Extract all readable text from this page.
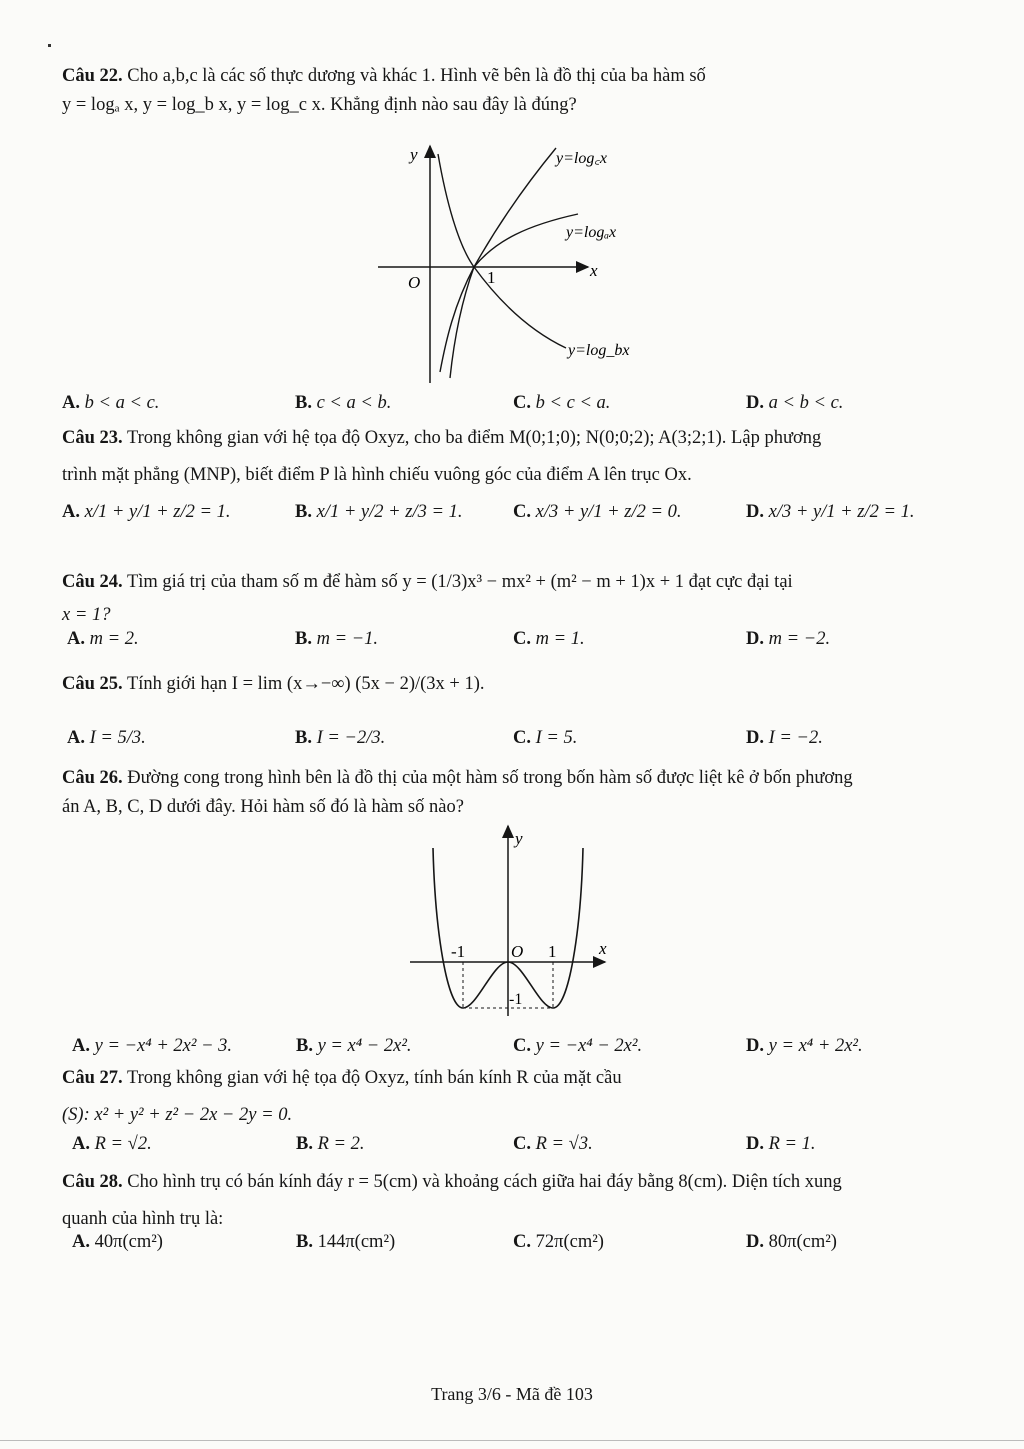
Câu 22. Cho a,b,c là các số thực dương và khác 1. Hình vẽ bên là đồ thị của ba hàm số
y = logₐ x, y = log_b x, y = log_c x. Khẳng định nào sau đây là đúng?
y
x
O	1
y=log꜀x
y=logₐx
y=log_bx
A. b < a < c.	B. c < a < b.	C. b < c < a.	D. a < b < c.
Câu 23. Trong không gian với hệ tọa độ Oxyz, cho ba điểm M(0;1;0); N(0;0;2); A(3;2;1). Lập phương
trình mặt phẳng (MNP), biết điểm P là hình chiếu vuông góc của điểm A lên trục Ox.
A. x/1 + y/1 + z/2 = 1.	B. x/1 + y/2 + z/3 = 1.	C. x/3 + y/1 + z/2 = 0.	D. x/3 + y/1 + z/2 = 1.
Câu 24. Tìm giá trị của tham số m để hàm số y = (1/3)x³ − mx² + (m² − m + 1)x + 1 đạt cực đại tại
x = 1?
A. m = 2.	B. m = −1.	C. m = 1.	D. m = −2.
Câu 25. Tính giới hạn I = lim (x→−∞) (5x − 2)/(3x + 1).
A. I = 5/3.	B. I = −2/3.	C. I = 5.	D. I = −2.
Câu 26. Đường cong trong hình bên là đồ thị của một hàm số trong bốn hàm số được liệt kê ở bốn phương
án A, B, C, D dưới đây. Hỏi hàm số đó là hàm số nào?
y
x
O
-1	1
-1
A. y = −x⁴ + 2x² − 3.	B. y = x⁴ − 2x².	C. y = −x⁴ − 2x².	D. y = x⁴ + 2x².
Câu 27. Trong không gian với hệ tọa độ Oxyz, tính bán kính R của mặt cầu
(S): x² + y² + z² − 2x − 2y = 0.
A. R = √2.	B. R = 2.	C. R = √3.	D. R = 1.
Câu 28. Cho hình trụ có bán kính đáy r = 5(cm) và khoảng cách giữa hai đáy bằng 8(cm). Diện tích xung
quanh của hình trụ là:
A. 40π(cm²)	B. 144π(cm²)	C. 72π(cm²)	D. 80π(cm²)
Trang 3/6 - Mã đề 103
